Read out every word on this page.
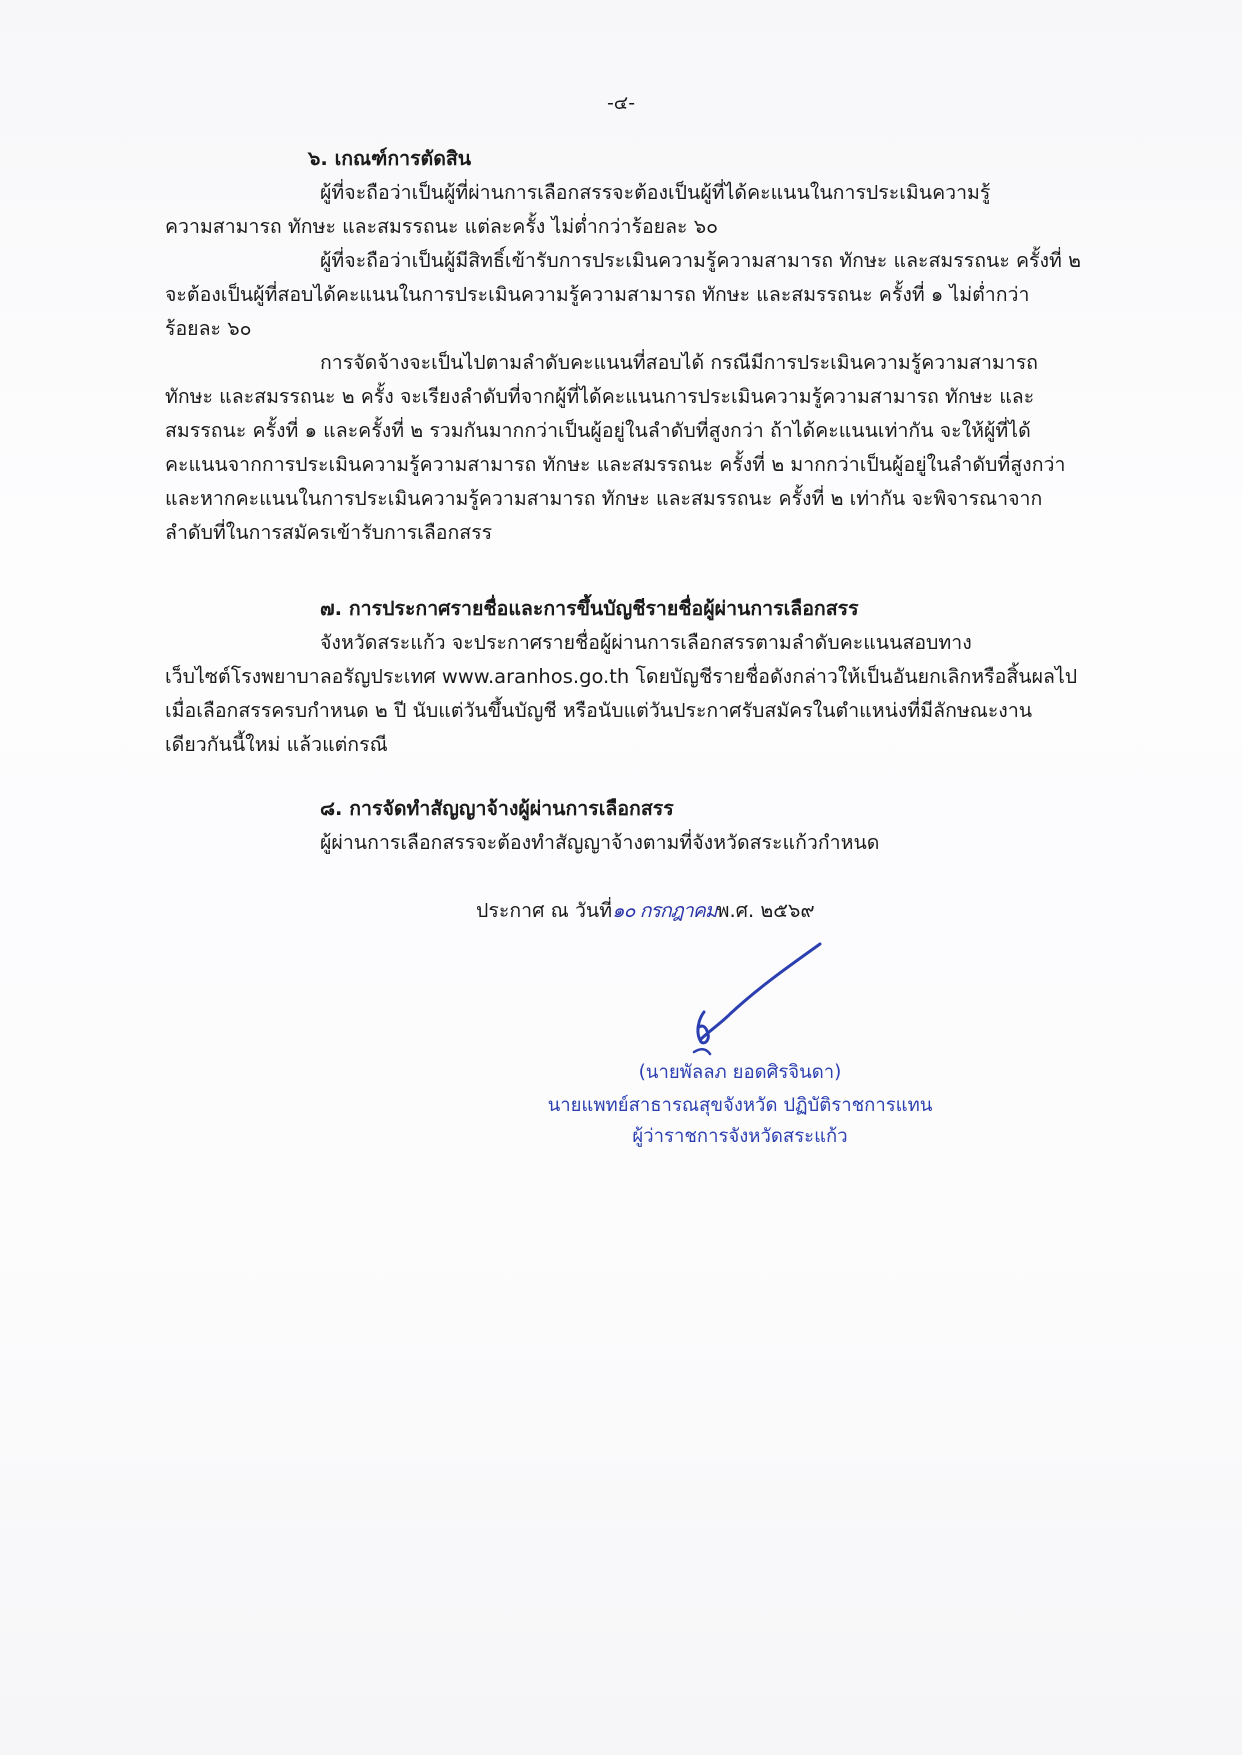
-๔-
๖. เกณฑ์การตัดสิน
ผู้ที่จะถือว่าเป็นผู้ที่ผ่านการเลือกสรรจะต้องเป็นผู้ที่ได้คะแนนในการประเมินความรู้
ความสามารถ ทักษะ และสมรรถนะ แต่ละครั้ง ไม่ต่ำกว่าร้อยละ ๖๐
ผู้ที่จะถือว่าเป็นผู้มีสิทธิ์เข้ารับการประเมินความรู้ความสามารถ ทักษะ และสมรรถนะ ครั้งที่ ๒
จะต้องเป็นผู้ที่สอบได้คะแนนในการประเมินความรู้ความสามารถ ทักษะ และสมรรถนะ ครั้งที่ ๑ ไม่ต่ำกว่า
ร้อยละ ๖๐
การจัดจ้างจะเป็นไปตามลำดับคะแนนที่สอบได้ กรณีมีการประเมินความรู้ความสามารถ
ทักษะ และสมรรถนะ ๒ ครั้ง จะเรียงลำดับที่จากผู้ที่ได้คะแนนการประเมินความรู้ความสามารถ ทักษะ และ
สมรรถนะ ครั้งที่ ๑ และครั้งที่ ๒ รวมกันมากกว่าเป็นผู้อยู่ในลำดับที่สูงกว่า ถ้าได้คะแนนเท่ากัน จะให้ผู้ที่ได้
คะแนนจากการประเมินความรู้ความสามารถ ทักษะ และสมรรถนะ ครั้งที่ ๒ มากกว่าเป็นผู้อยู่ในลำดับที่สูงกว่า
และหากคะแนนในการประเมินความรู้ความสามารถ ทักษะ และสมรรถนะ ครั้งที่ ๒ เท่ากัน จะพิจารณาจาก
ลำดับที่ในการสมัครเข้ารับการเลือกสรร
๗. การประกาศรายชื่อและการขึ้นบัญชีรายชื่อผู้ผ่านการเลือกสรร
จังหวัดสระแก้ว จะประกาศรายชื่อผู้ผ่านการเลือกสรรตามลำดับคะแนนสอบทาง
เว็บไซต์โรงพยาบาลอรัญประเทศ www.aranhos.go.th โดยบัญชีรายชื่อดังกล่าวให้เป็นอันยกเลิกหรือสิ้นผลไป
เมื่อเลือกสรรครบกำหนด ๒ ปี นับแต่วันขึ้นบัญชี หรือนับแต่วันประกาศรับสมัครในตำแหน่งที่มีลักษณะงาน
เดียวกันนี้ใหม่ แล้วแต่กรณี
๘. การจัดทำสัญญาจ้างผู้ผ่านการเลือกสรร
ผู้ผ่านการเลือกสรรจะต้องทำสัญญาจ้างตามที่จังหวัดสระแก้วกำหนด
ประกาศ ณ วันที่๑๐ กรกฎาคมพ.ศ. ๒๕๖๙
(นายพัลลภ ยอดศิรจินดา)
นายแพทย์สาธารณสุขจังหวัด ปฏิบัติราชการแทน
ผู้ว่าราชการจังหวัดสระแก้ว
